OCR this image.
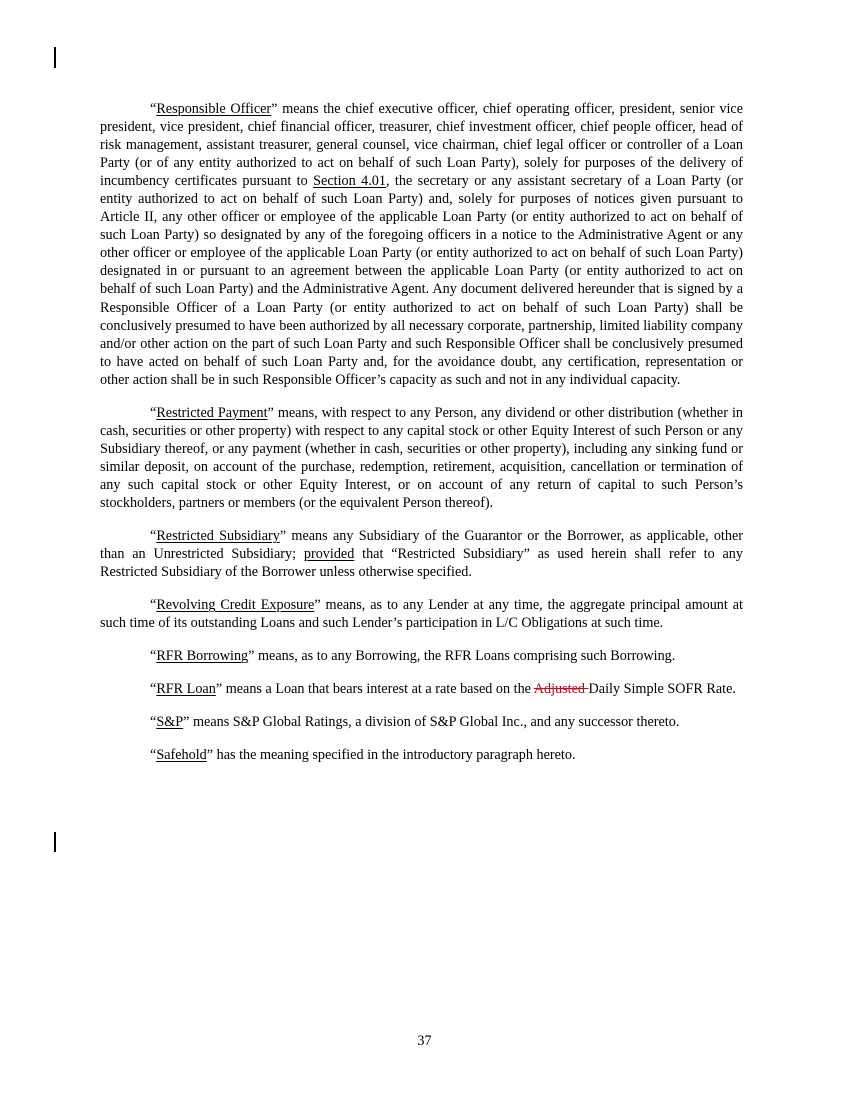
“Responsible Officer” means the chief executive officer, chief operating officer, president, senior vice president, vice president, chief financial officer, treasurer, chief investment officer, chief people officer, head of risk management, assistant treasurer, general counsel, vice chairman, chief legal officer or controller of a Loan Party (or of any entity authorized to act on behalf of such Loan Party), solely for purposes of the delivery of incumbency certificates pursuant to Section 4.01, the secretary or any assistant secretary of a Loan Party (or entity authorized to act on behalf of such Loan Party) and, solely for purposes of notices given pursuant to Article II, any other officer or employee of the applicable Loan Party (or entity authorized to act on behalf of such Loan Party) so designated by any of the foregoing officers in a notice to the Administrative Agent or any other officer or employee of the applicable Loan Party (or entity authorized to act on behalf of such Loan Party) designated in or pursuant to an agreement between the applicable Loan Party (or entity authorized to act on behalf of such Loan Party) and the Administrative Agent. Any document delivered hereunder that is signed by a Responsible Officer of a Loan Party (or entity authorized to act on behalf of such Loan Party) shall be conclusively presumed to have been authorized by all necessary corporate, partnership, limited liability company and/or other action on the part of such Loan Party and such Responsible Officer shall be conclusively presumed to have acted on behalf of such Loan Party and, for the avoidance doubt, any certification, representation or other action shall be in such Responsible Officer’s capacity as such and not in any individual capacity.

“Restricted Payment” means, with respect to any Person, any dividend or other distribution (whether in cash, securities or other property) with respect to any capital stock or other Equity Interest of such Person or any Subsidiary thereof, or any payment (whether in cash, securities or other property), including any sinking fund or similar deposit, on account of the purchase, redemption, retirement, acquisition, cancellation or termination of any such capital stock or other Equity Interest, or on account of any return of capital to such Person’s stockholders, partners or members (or the equivalent Person thereof).

“Restricted Subsidiary” means any Subsidiary of the Guarantor or the Borrower, as applicable, other than an Unrestricted Subsidiary; provided that “Restricted Subsidiary” as used herein shall refer to any Restricted Subsidiary of the Borrower unless otherwise specified.

“Revolving Credit Exposure” means, as to any Lender at any time, the aggregate principal amount at such time of its outstanding Loans and such Lender’s participation in L/C Obligations at such time.

“RFR Borrowing” means, as to any Borrowing, the RFR Loans comprising such Borrowing.

“RFR Loan” means a Loan that bears interest at a rate based on the Adjusted Daily Simple SOFR Rate.

“S&P” means S&P Global Ratings, a division of S&P Global Inc., and any successor thereto.

“Safehold” has the meaning specified in the introductory paragraph hereto.

37
